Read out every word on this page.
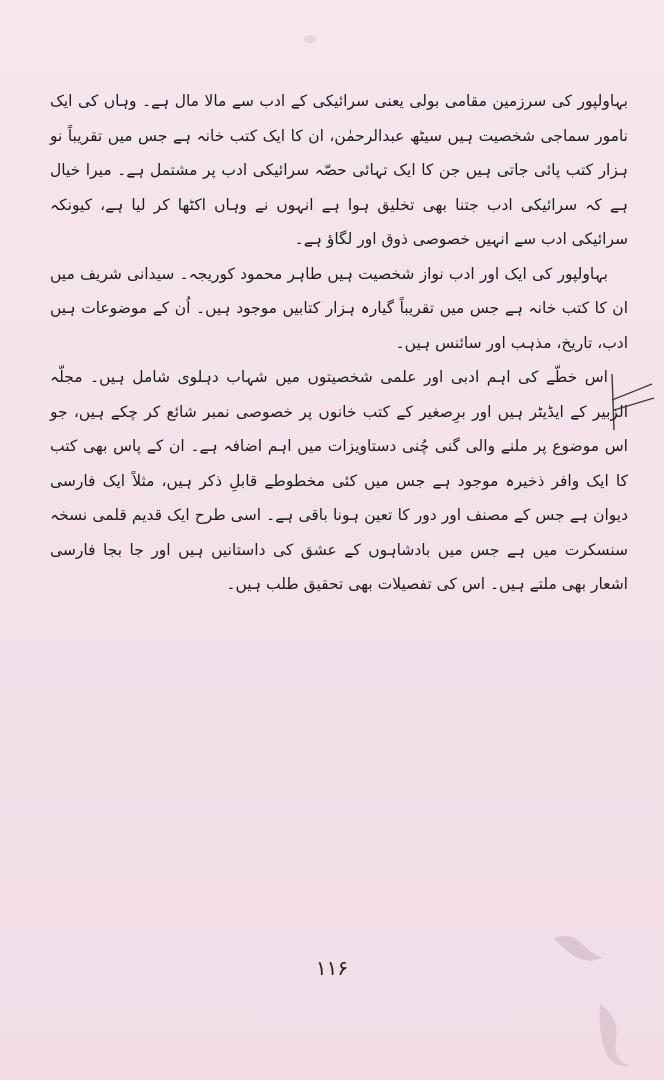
بہاولپور کی سرزمین مقامی بولی یعنی سرائیکی کے ادب سے مالا مال ہے۔ وہاں کی ایک نامور سماجی شخصیت ہیں سیٹھ عبدالرحمٰن، ان کا ایک کتب خانہ ہے جس میں تقریباً نو ہزار کتب پائی جاتی ہیں جن کا ایک تہائی حصّہ سرائیکی ادب پر مشتمل ہے۔ میرا خیال ہے کہ سرائیکی ادب جتنا بھی تخلیق ہوا ہے انہوں نے وہاں اکٹھا کر لیا ہے، کیونکہ سرائیکی ادب سے انہیں خصوصی ذوق اور لگاؤ ہے۔

بہاولپور کی ایک اور ادب نواز شخصیت ہیں طاہر محمود کوریجہ۔ سیدانی شریف میں ان کا کتب خانہ ہے جس میں تقریباً گیارہ ہزار کتابیں موجود ہیں۔ اُن کے موضوعات ہیں ادب، تاریخ، مذہب اور سائنس ہیں۔

اس خطّے کی اہم ادبی اور علمی شخصیتوں میں شہاب دہلوی شامل ہیں۔ مجلّہ الزبیر کے ایڈیٹر ہیں اور برِصغیر کے کتب خانوں پر خصوصی نمبر شائع کر چکے ہیں، جو اس موضوع پر ملنے والی گنی چُنی دستاویزات میں اہم اضافہ ہے۔ ان کے پاس بھی کتب کا ایک وافر ذخیرہ موجود ہے جس میں کئی مخطوطے قابلِ ذکر ہیں، مثلاً ایک فارسی دیوان ہے جس کے مصنف اور دور کا تعین ہونا باقی ہے۔ اسی طرح ایک قدیم قلمی نسخہ سنسکرت میں ہے جس میں بادشاہوں کے عشق کی داستانیں ہیں اور جا بجا فارسی اشعار بھی ملتے ہیں۔ اس کی تفصیلات بھی تحقیق طلب ہیں۔

۱۱۶
